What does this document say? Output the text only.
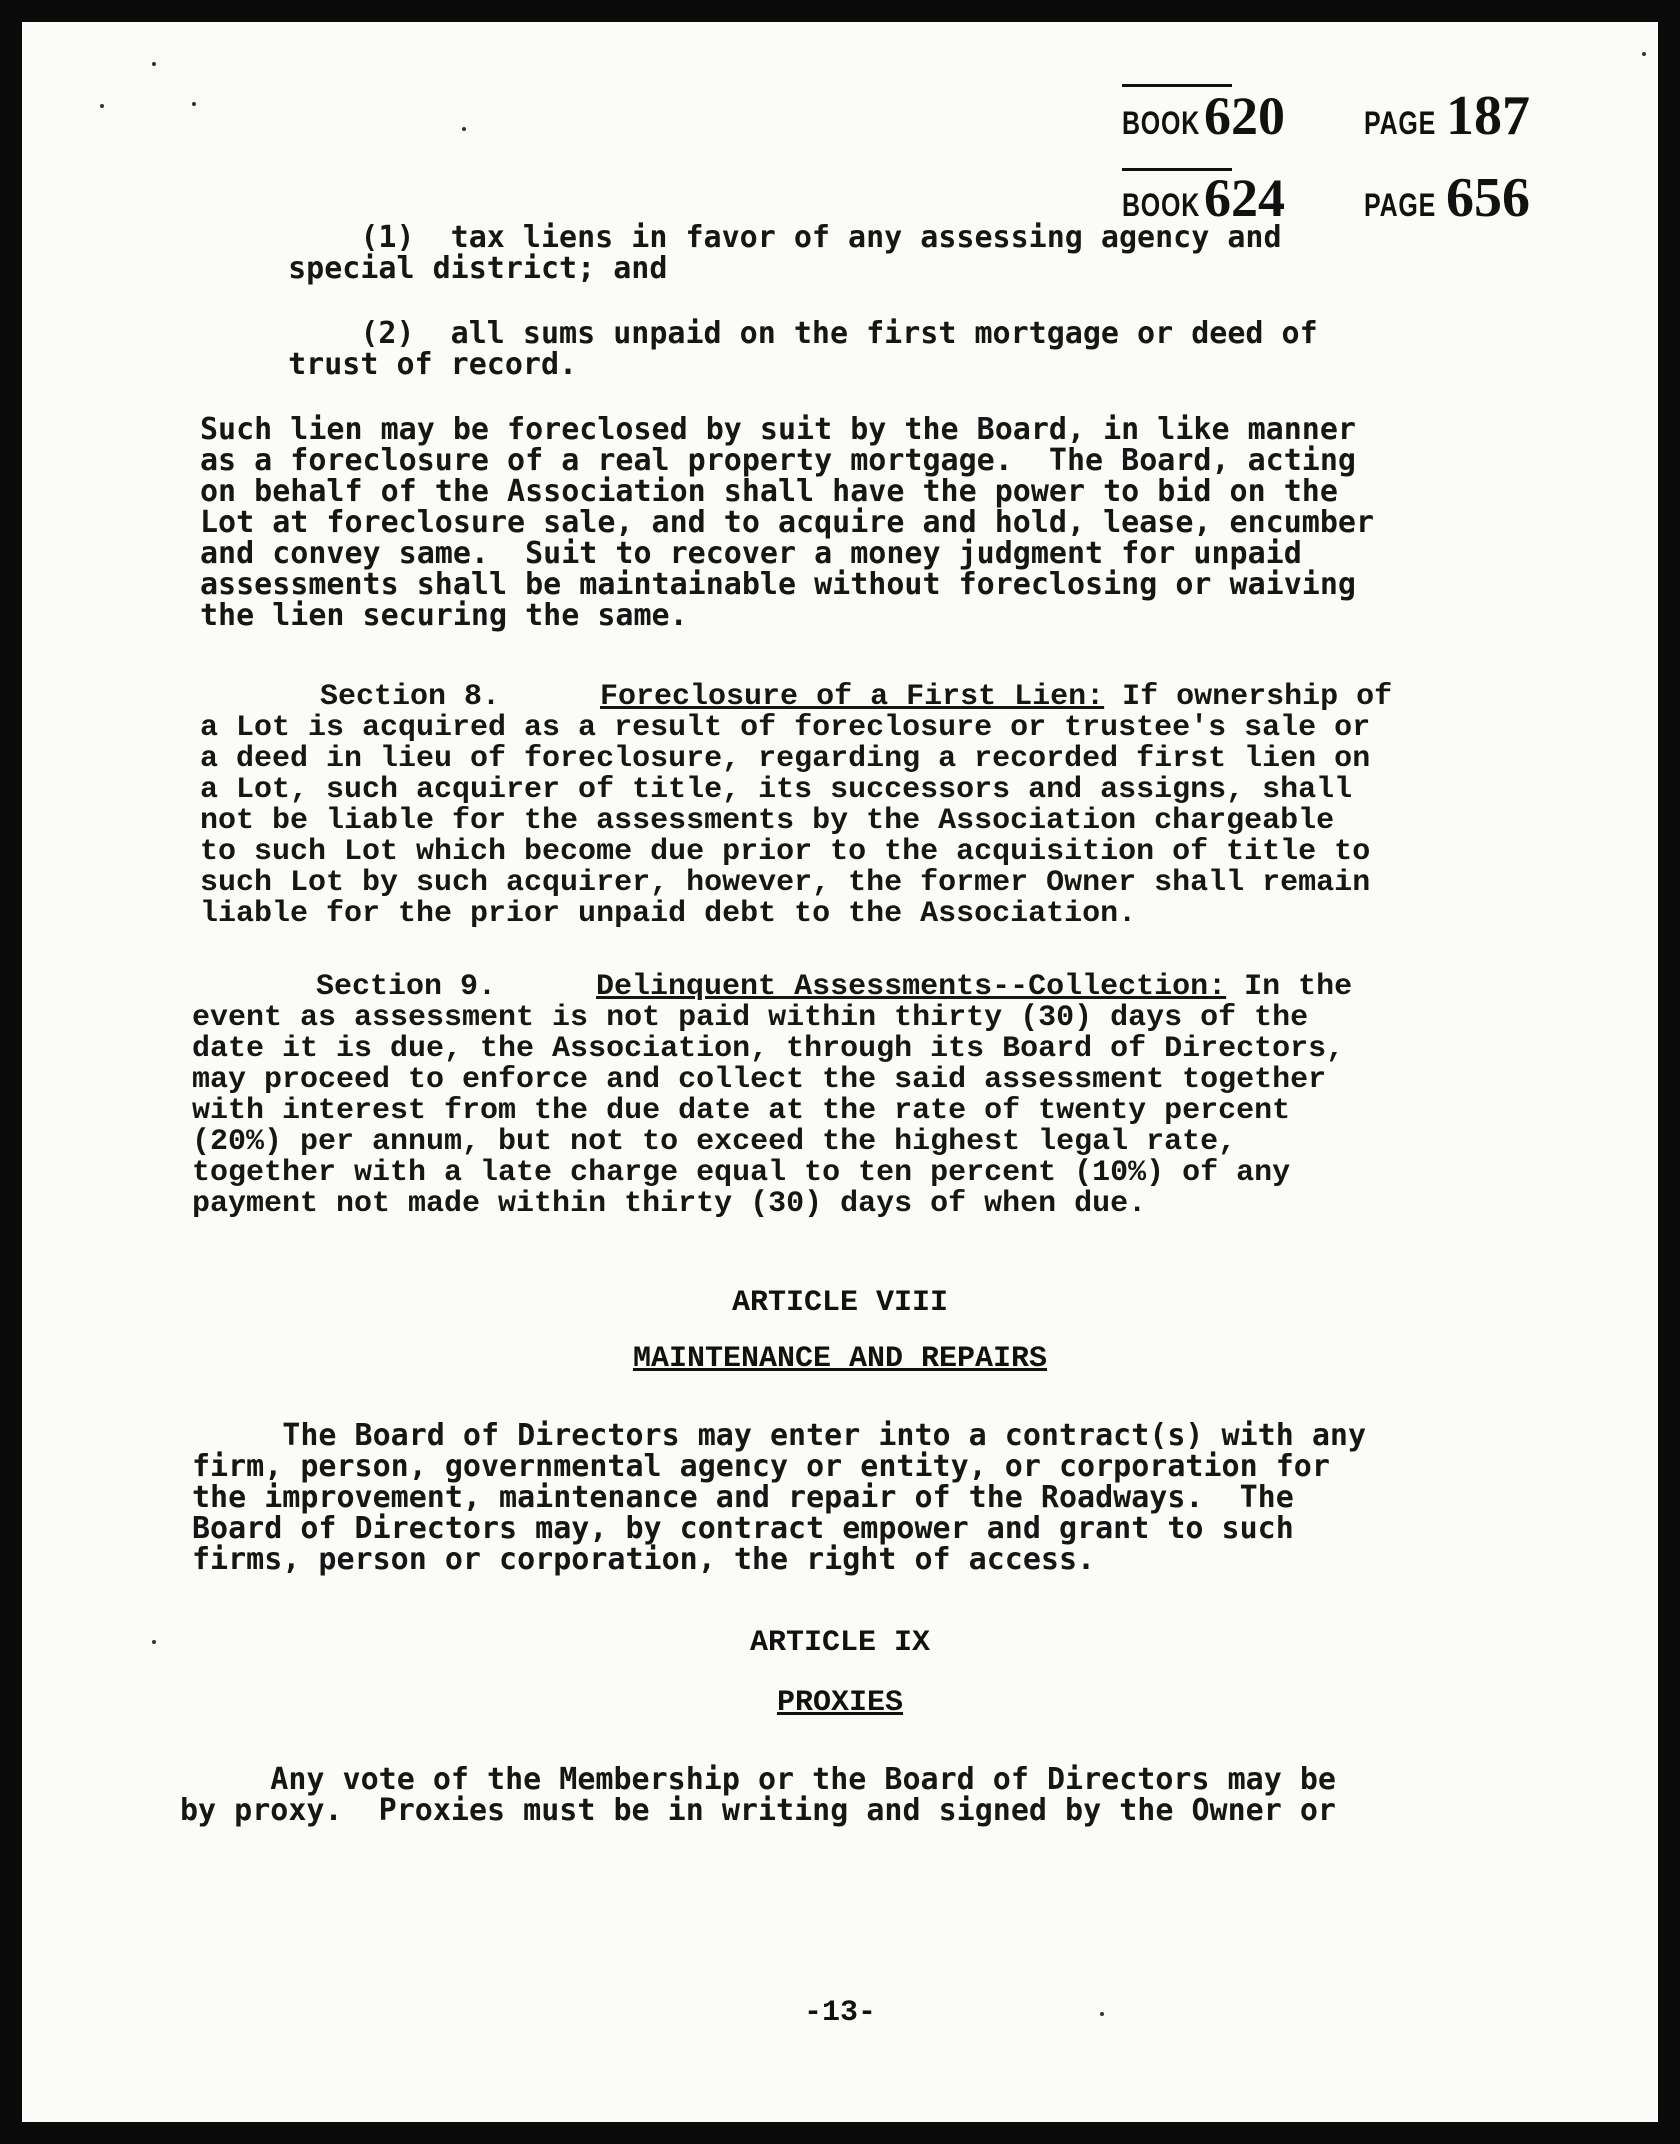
BOOK 620	PAGE 187
BOOK 624	PAGE 656
(1)  tax liens in favor of any assessing agency and
special district; and
(2)  all sums unpaid on the first mortgage or deed of
trust of record.
Such lien may be foreclosed by suit by the Board, in like manner
as a foreclosure of a real property mortgage.  The Board, acting
on behalf of the Association shall have the power to bid on the
Lot at foreclosure sale, and to acquire and hold, lease, encumber
and convey same.  Suit to recover a money judgment for unpaid
assessments shall be maintainable without foreclosing or waiving
the lien securing the same.
Section 8.	Foreclosure of a First Lien: If ownership of
a Lot is acquired as a result of foreclosure or trustee's sale or
a deed in lieu of foreclosure, regarding a recorded first lien on
a Lot, such acquirer of title, its successors and assigns, shall
not be liable for the assessments by the Association chargeable
to such Lot which become due prior to the acquisition of title to
such Lot by such acquirer, however, the former Owner shall remain
liable for the prior unpaid debt to the Association.
Section 9.	Delinquent Assessments--Collection: In the
event as assessment is not paid within thirty (30) days of the
date it is due, the Association, through its Board of Directors,
may proceed to enforce and collect the said assessment together
with interest from the due date at the rate of twenty percent
(20%) per annum, but not to exceed the highest legal rate,
together with a late charge equal to ten percent (10%) of any
payment not made within thirty (30) days of when due.

ARTICLE VIII

MAINTENANCE AND REPAIRS

The Board of Directors may enter into a contract(s) with any
firm, person, governmental agency or entity, or corporation for
the improvement, maintenance and repair of the Roadways.  The
Board of Directors may, by contract empower and grant to such
firms, person or corporation, the right of access.

ARTICLE IX

PROXIES

Any vote of the Membership or the Board of Directors may be
by proxy.  Proxies must be in writing and signed by the Owner or

-13-
